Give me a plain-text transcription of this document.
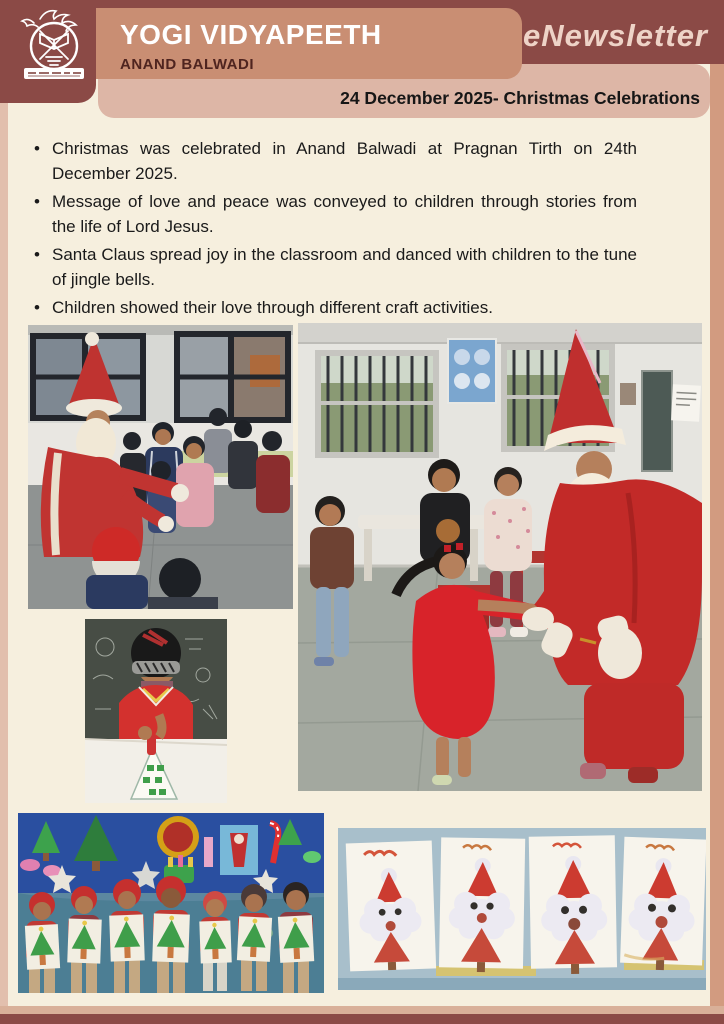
24 December 2025- Christmas Celebrations
YOGI VIDYAPEETH
ANAND BALWADI
eNewsletter
• Christmas was celebrated in Anand Balwadi at Pragnan Tirth on 24th December 2025.
• Message of love and peace was conveyed to children through stories from the life of Lord Jesus.
• Santa Claus spread joy in the classroom and danced with children to the tune of jingle bells.
• Children showed their love through different craft activities.
